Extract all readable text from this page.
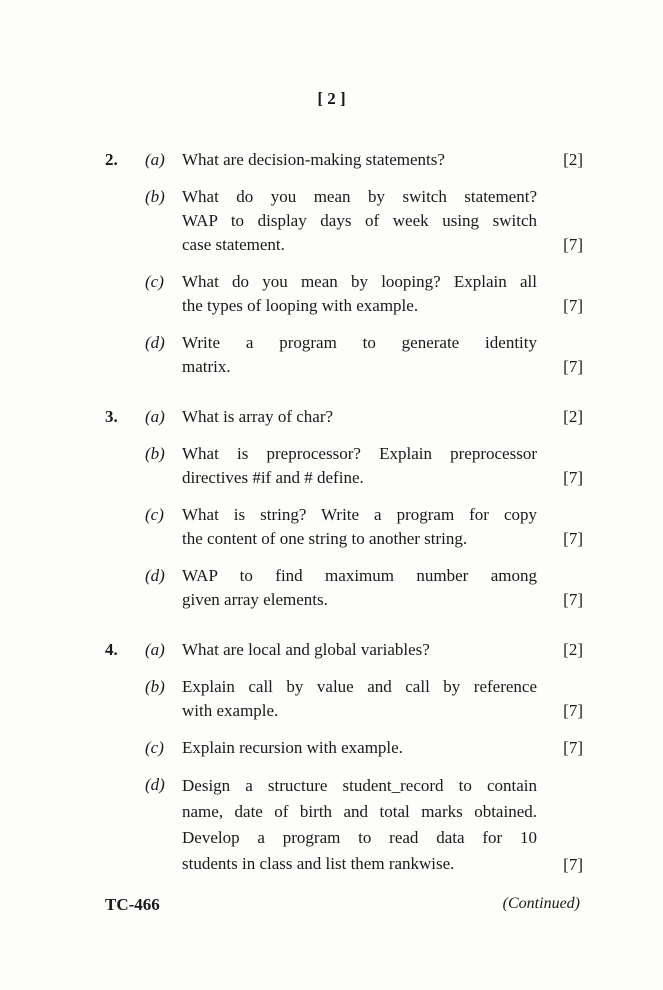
[ 2 ]
2. (a) What are decision-making statements?	[2]
(b) What do you mean by switch statement?
WAP to display days of week using switch
case statement.	[7]
(c) What do you mean by looping? Explain all
the types of looping with example.	[7]
(d) Write a program to generate identity
matrix.	[7]
3. (a) What is array of char?	[2]
(b) What is preprocessor? Explain preprocessor
directives #if and # define.	[7]
(c) What is string? Write a program for copy
the content of one string to another string.	[7]
(d) WAP to find maximum number among
given array elements.	[7]
4. (a) What are local and global variables?	[2]
(b) Explain call by value and call by reference
with example.	[7]
(c) Explain recursion with example.	[7]
(d) Design a structure student_record to contain
name, date of birth and total marks obtained.
Develop a program to read data for 10
students in class and list them rankwise.	[7]
TC-466	(Continued)
